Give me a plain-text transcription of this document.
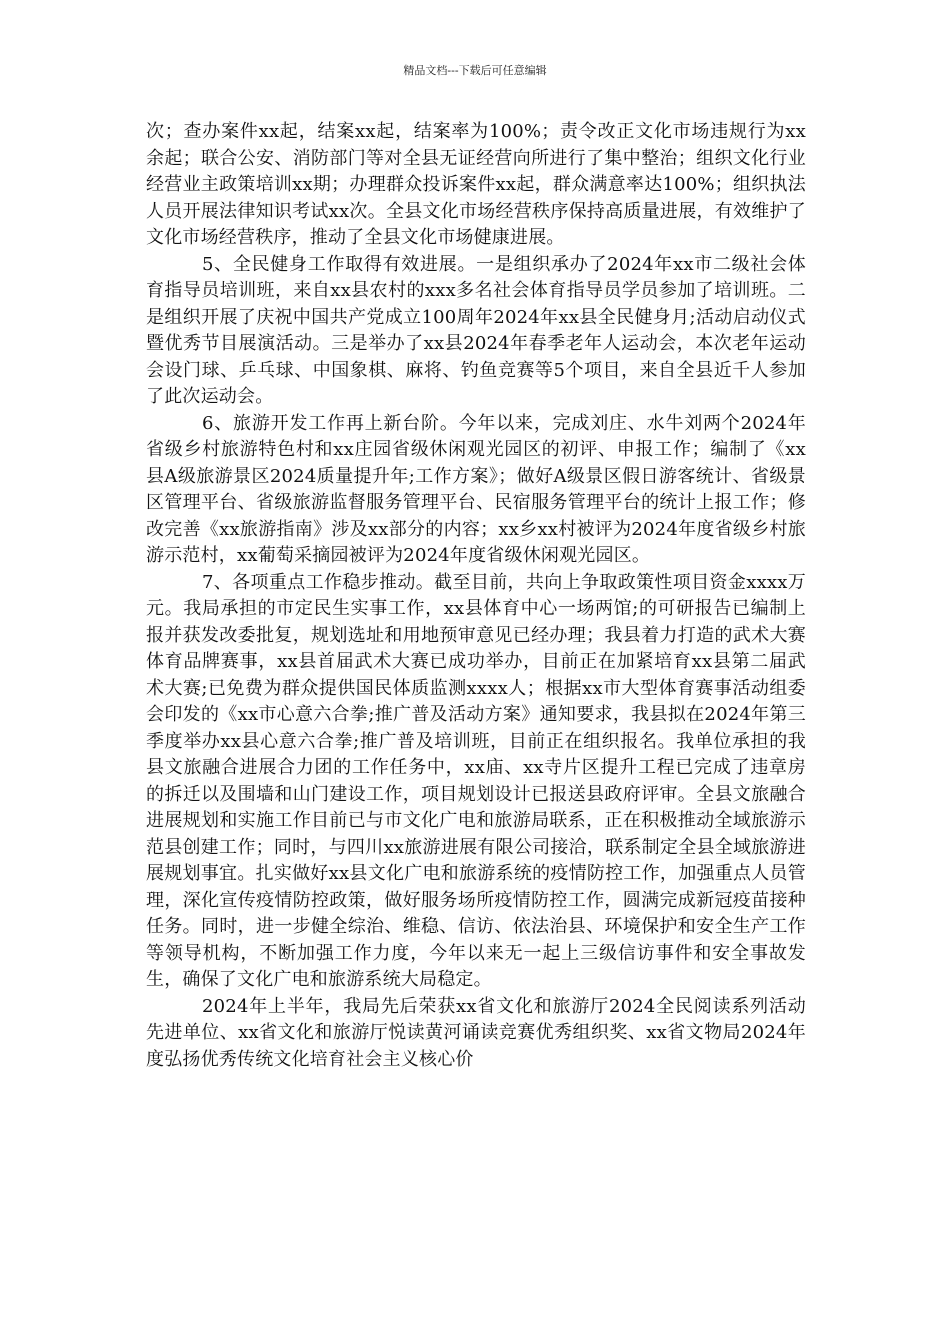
精品文档---下载后可任意编辑

次；查办案件xx起，结案xx起，结案率为100%；责令改正文化市场违规行为xx余起；联合公安、消防部门等对全县无证经营向所进行了集中整治；组织文化行业经营业主政策培训xx期；办理群众投诉案件xx起，群众满意率达100%；组织执法人员开展法律知识考试xx次。全县文化市场经营秩序保持高质量进展，有效维护了文化市场经营秩序，推动了全县文化市场健康进展。

5、全民健身工作取得有效进展。一是组织承办了2024年xx市二级社会体育指导员培训班，来自xx县农村的xxx多名社会体育指导员学员参加了培训班。二是组织开展了庆祝中国共产党成立100周年2024年xx县全民健身月;活动启动仪式暨优秀节目展演活动。三是举办了xx县2024年春季老年人运动会，本次老年运动会设门球、乒乓球、中国象棋、麻将、钓鱼竞赛等5个项目，来自全县近千人参加了此次运动会。

6、旅游开发工作再上新台阶。今年以来，完成刘庄、水牛刘两个2024年省级乡村旅游特色村和xx庄园省级休闲观光园区的初评、申报工作；编制了《xx县A级旅游景区2024质量提升年;工作方案》；做好A级景区假日游客统计、省级景区管理平台、省级旅游监督服务管理平台、民宿服务管理平台的统计上报工作；修改完善《xx旅游指南》涉及xx部分的内容；xx乡xx村被评为2024年度省级乡村旅游示范村，xx葡萄采摘园被评为2024年度省级休闲观光园区。

7、各项重点工作稳步推动。截至目前，共向上争取政策性项目资金xxxx万元。我局承担的市定民生实事工作，xx县体育中心一场两馆;的可研报告已编制上报并获发改委批复，规划选址和用地预审意见已经办理；我县着力打造的武术大赛体育品牌赛事，xx县首届武术大赛已成功举办，目前正在加紧培育xx县第二届武术大赛;已免费为群众提供国民体质监测xxxx人；根据xx市大型体育赛事活动组委会印发的《xx市心意六合拳;推广普及活动方案》通知要求，我县拟在2024年第三季度举办xx县心意六合拳;推广普及培训班，目前正在组织报名。我单位承担的我县文旅融合进展合力团的工作任务中，xx庙、xx寺片区提升工程已完成了违章房的拆迁以及围墙和山门建设工作，项目规划设计已报送县政府评审。全县文旅融合进展规划和实施工作目前已与市文化广电和旅游局联系，正在积极推动全域旅游示范县创建工作；同时，与四川xx旅游进展有限公司接洽，联系制定全县全域旅游进展规划事宜。扎实做好xx县文化广电和旅游系统的疫情防控工作，加强重点人员管理，深化宣传疫情防控政策，做好服务场所疫情防控工作，圆满完成新冠疫苗接种任务。同时，进一步健全综治、维稳、信访、依法治县、环境保护和安全生产工作等领导机构，不断加强工作力度，今年以来无一起上三级信访事件和安全事故发生，确保了文化广电和旅游系统大局稳定。

2024年上半年，我局先后荣获xx省文化和旅游厅2024全民阅读系列活动先进单位、xx省文化和旅游厅悦读黄河诵读竞赛优秀组织奖、xx省文物局2024年度弘扬优秀传统文化培育社会主义核心价
